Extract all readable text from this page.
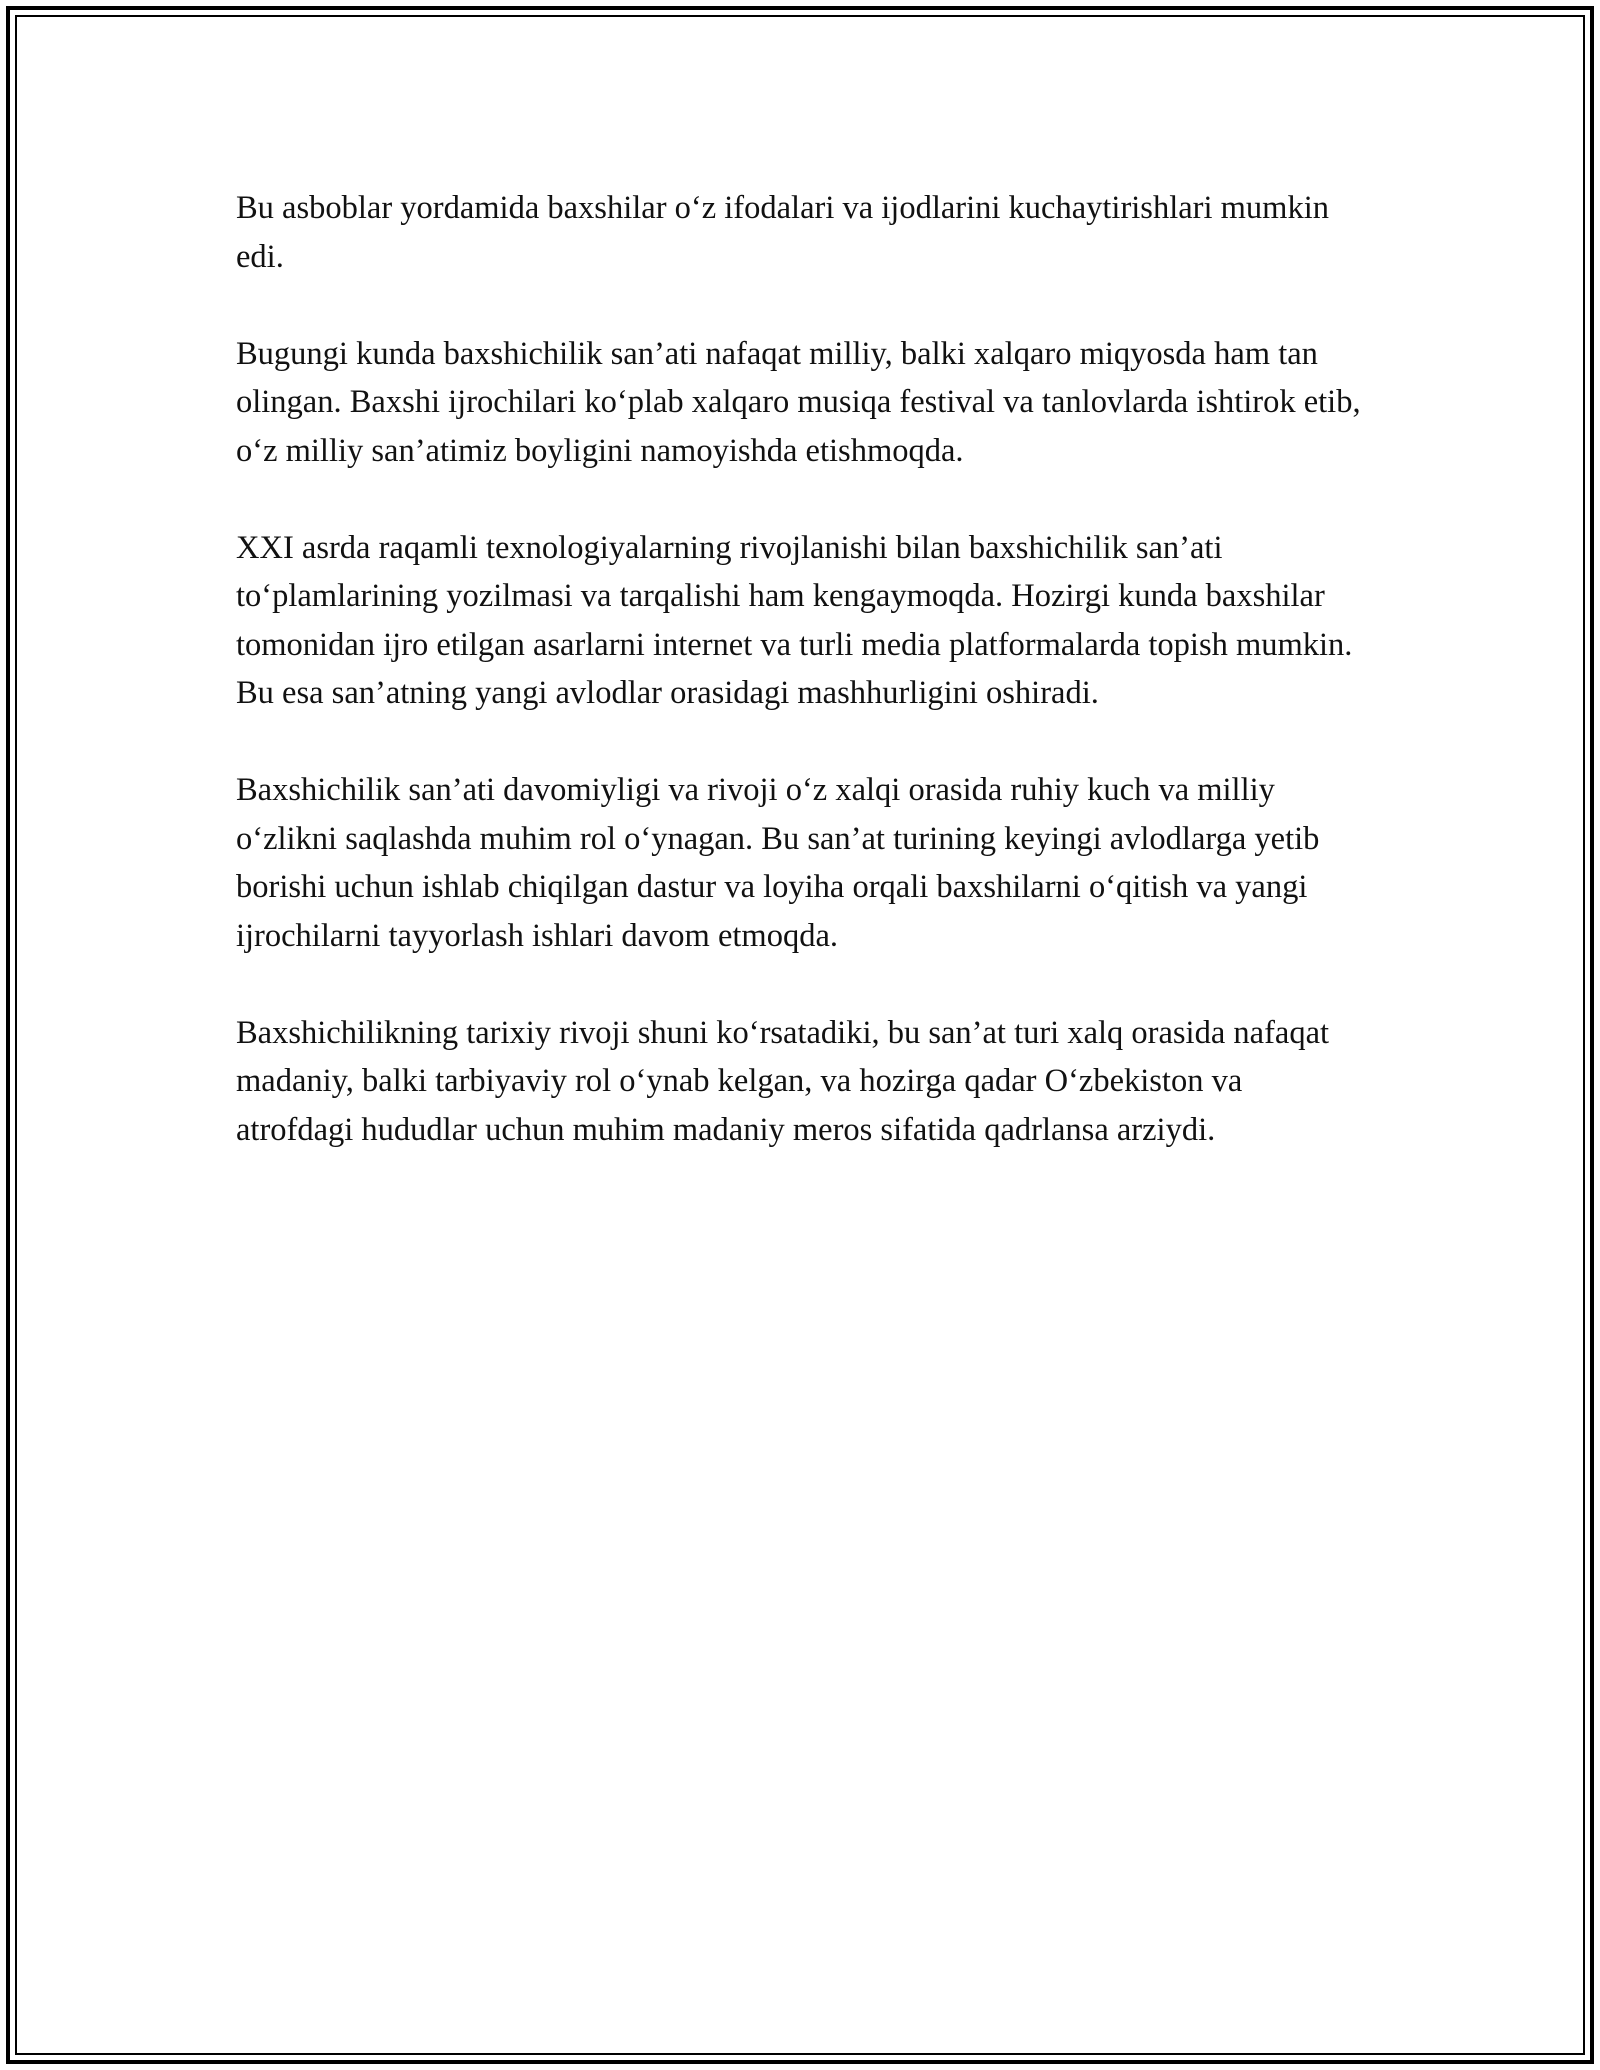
Bu asboblar yordamida baxshilar o‘z ifodalari va ijodlarini kuchaytirishlari mumkin edi.

Bugungi kunda baxshichilik san’ati nafaqat milliy, balki xalqaro miqyosda ham tan olingan. Baxshi ijrochilari ko‘plab xalqaro musiqa festival va tanlovlarda ishtirok etib, o‘z milliy san’atimiz boyligini namoyishda etishmoqda.

XXI asrda raqamli texnologiyalarning rivojlanishi bilan baxshichilik san’ati to‘plamlarining yozilmasi va tarqalishi ham kengaymoqda. Hozirgi kunda baxshilar tomonidan ijro etilgan asarlarni internet va turli media platformalarda topish mumkin. Bu esa san’atning yangi avlodlar orasidagi mashhurligini oshiradi.

Baxshichilik san’ati davomiyligi va rivoji o‘z xalqi orasida ruhiy kuch va milliy o‘zlikni saqlashda muhim rol o‘ynagan. Bu san’at turining keyingi avlodlarga yetib borishi uchun ishlab chiqilgan dastur va loyiha orqali baxshilarni o‘qitish va yangi ijrochilarni tayyorlash ishlari davom etmoqda.

Baxshichilikning tarixiy rivoji shuni ko‘rsatadiki, bu san’at turi xalq orasida nafaqat madaniy, balki tarbiyaviy rol o‘ynab kelgan, va hozirga qadar O‘zbekiston va atrofdagi hududlar uchun muhim madaniy meros sifatida qadrlansa arziydi.
